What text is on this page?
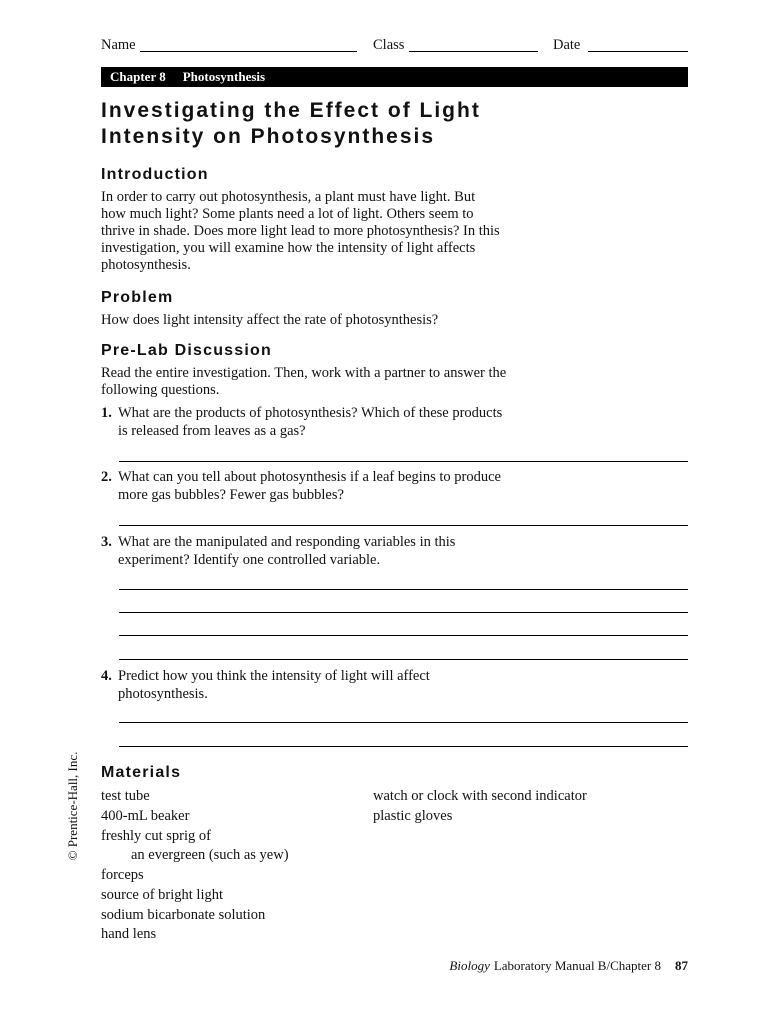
Name	Class	Date
Chapter 8 Photosynthesis
Investigating the Effect of Light
Intensity on Photosynthesis
Introduction
In order to carry out photosynthesis, a plant must have light. But
how much light? Some plants need a lot of light. Others seem to
thrive in shade. Does more light lead to more photosynthesis? In this
investigation, you will examine how the intensity of light affects
photosynthesis.
Problem
How does light intensity affect the rate of photosynthesis?
Pre-Lab Discussion
Read the entire investigation. Then, work with a partner to answer the
following questions.
1. What are the products of photosynthesis? Which of these products
is released from leaves as a gas?
2. What can you tell about photosynthesis if a leaf begins to produce
more gas bubbles? Fewer gas bubbles?
3. What are the manipulated and responding variables in this
experiment? Identify one controlled variable.
4. Predict how you think the intensity of light will affect
photosynthesis.
Materials
test tube
400-mL beaker
freshly cut sprig of
an evergreen (such as yew)
forceps
source of bright light
sodium bicarbonate solution
hand lens
watch or clock with second indicator
plastic gloves
© Prentice-Hall, Inc.
Biology Laboratory Manual B/Chapter 8 87
